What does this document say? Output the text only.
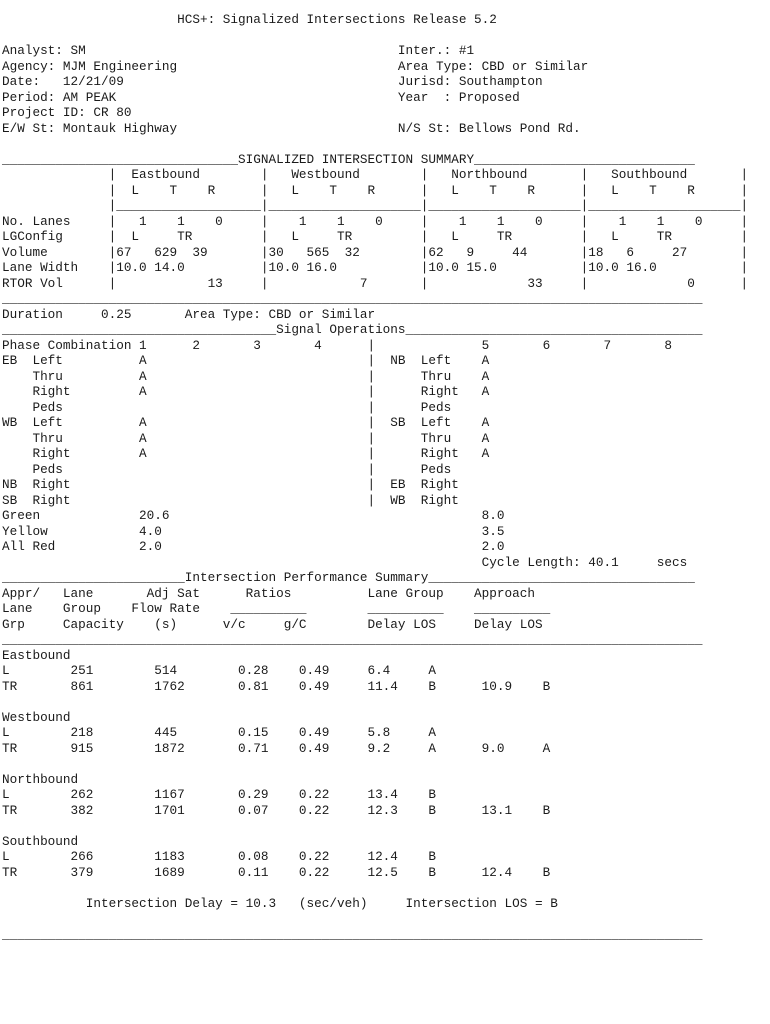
HCS+: Signalized Intersections Release 5.2
Analyst: SM                                         Inter.: #1
Agency: MJM Engineering                             Area Type: CBD or Similar
Date:   12/21/09                                    Jurisd: Southampton
Period: AM PEAK                                     Year  : Proposed
Project ID: CR 80
E/W St: Montauk Highway                             N/S St: Bellows Pond Rd.
_______________________________SIGNALIZED INTERSECTION SUMMARY_____________________________
|  Eastbound        |   Westbound        |   Northbound       |   Southbound       |
|  L    T    R      |   L    T    R      |   L    T    R      |   L    T    R      |
|___________________|____________________|____________________|____________________|
No. Lanes     |   1    1    0     |    1    1    0     |    1    1    0     |    1    1    0     |
LGConfig      |  L     TR         |   L     TR         |   L     TR         |   L     TR         |
Volume        |67   629  39       |30   565  32        |62   9     44       |18   6     27       |
Lane Width    |10.0 14.0          |10.0 16.0           |10.0 15.0           |10.0 16.0           |
RTOR Vol      |            13     |            7       |             33     |             0      |
____________________________________________________________________________________________
Duration     0.25       Area Type: CBD or Similar
____________________________________Signal Operations_______________________________________
Phase Combination 1      2       3       4      |              5       6       7       8
EB  Left          A                             |  NB  Left    A
Thru          A                             |      Thru    A
Right         A                             |      Right   A
Peds                                        |      Peds
WB  Left          A                             |  SB  Left    A
Thru          A                             |      Thru    A
Right         A                             |      Right   A
Peds                                        |      Peds
NB  Right                                       |  EB  Right
SB  Right                                       |  WB  Right
Green             20.6                                         8.0
Yellow            4.0                                          3.5
All Red           2.0                                          2.0
Cycle Length: 40.1     secs
________________________Intersection Performance Summary___________________________________
Appr/   Lane       Adj Sat      Ratios          Lane Group    Approach
Lane    Group    Flow Rate    __________        __________    __________
Grp     Capacity    (s)      v/c     g/C        Delay LOS     Delay LOS
____________________________________________________________________________________________
Eastbound
L        251        514        0.28    0.49     6.4     A
TR       861        1762       0.81    0.49     11.4    B      10.9    B
Westbound
L        218        445        0.15    0.49     5.8     A
TR       915        1872       0.71    0.49     9.2     A      9.0     A
Northbound
L        262        1167       0.29    0.22     13.4    B
TR       382        1701       0.07    0.22     12.3    B      13.1    B
Southbound
L        266        1183       0.08    0.22     12.4    B
TR       379        1689       0.11    0.22     12.5    B      12.4    B
Intersection Delay = 10.3   (sec/veh)     Intersection LOS = B
____________________________________________________________________________________________
